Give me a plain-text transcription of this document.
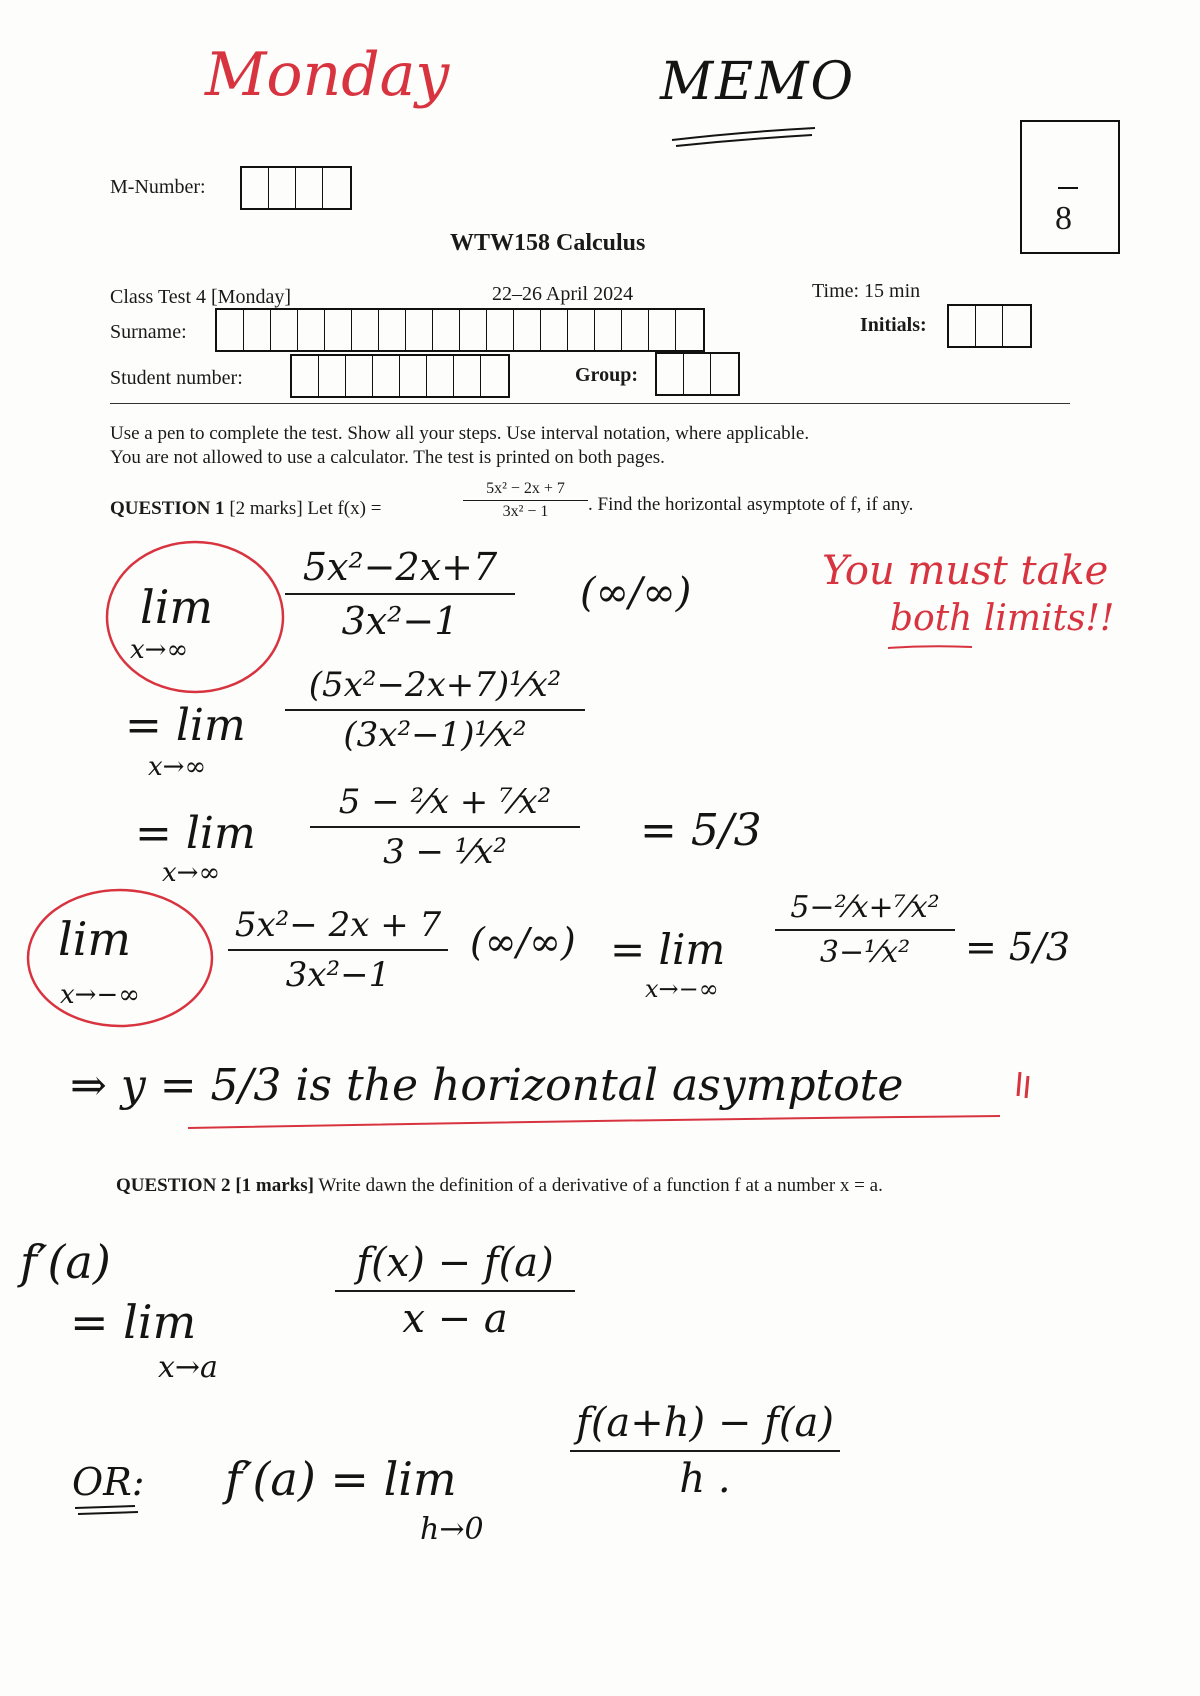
Monday	MEMO
8
M-Number:
WTW158 Calculus
Class Test 4 [Monday]	22–26 April 2024	Time: 15 min
Surname:	Initials:
Student number:	Group:
Use a pen to complete the test. Show all your steps. Use interval notation, where applicable.
You are not allowed to use a calculator. The test is printed on both pages.
QUESTION 1 [2 marks] Let f(x) =
5x² − 2x + 7
3x² − 1	. Find the horizontal asymptote of f, if any.
You must take
both limits!!
lim
x→∞
5x²−2x+7
3x²−1
(∞/∞)
= lim
x→∞
(5x²−2x+7)¹⁄x²
(3x²−1)¹⁄x²
= lim
x→∞
5 − ²⁄x + ⁷⁄x²
3 − ¹⁄x²	= 5/3
lim
x→−∞
5x²− 2x + 7
3x²−1
(∞/∞) = lim
x→−∞
5−²⁄x+⁷⁄x²
3−¹⁄x²	= 5/3
⇒ y = 5/3 is the horizontal asymptote
QUESTION 2 [1 marks] Write dawn the definition of a derivative of a function f at a number x = a.
f′(a)
= lim
x→a
f(x) − f(a)
x − a
OR: f′(a) = lim
h→0
f(a+h) − f(a)
h .
